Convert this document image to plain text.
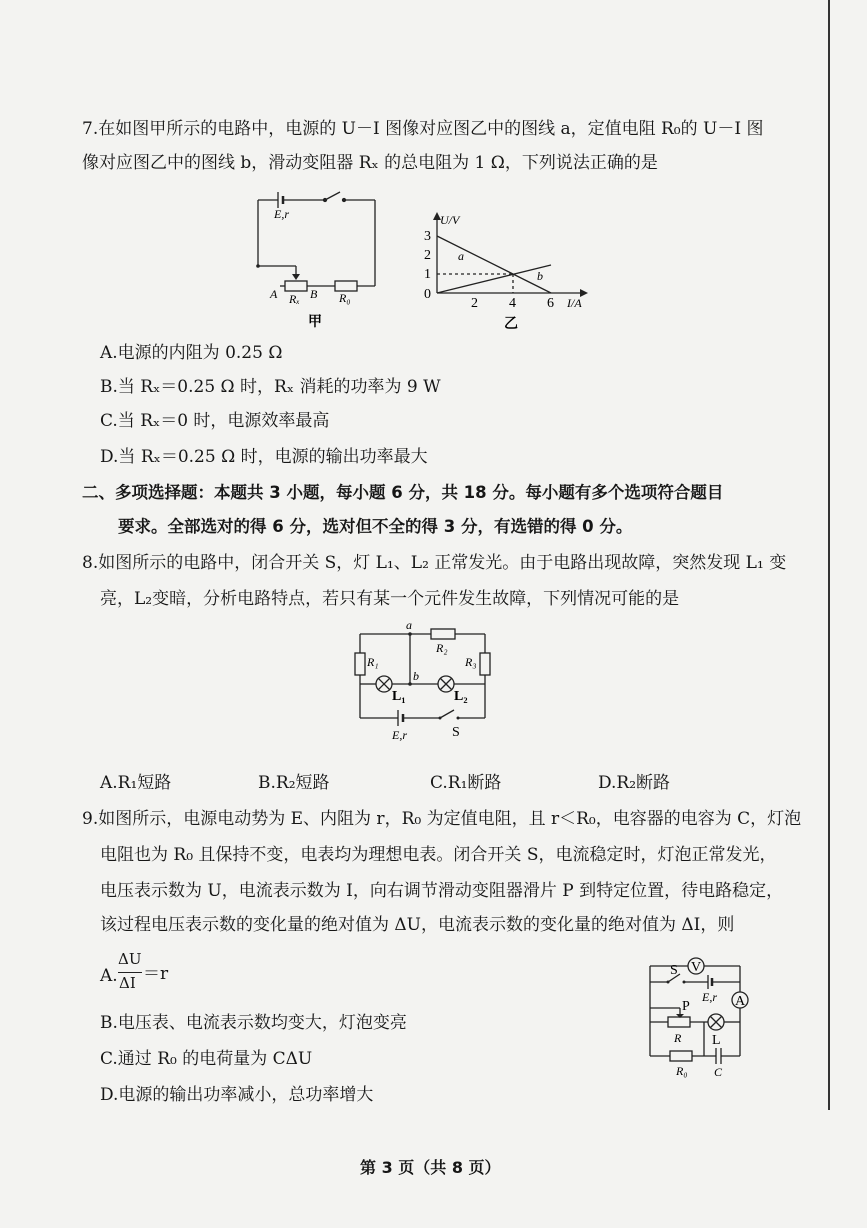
7.在如图甲所示的电路中，电源的 U－I 图像对应图乙中的图线 a，定值电阻 R₀的 U－I 图
像对应图乙中的图线 b，滑动变阻器 Rₓ 的总电阻为 1 Ω，下列说法正确的是
E,r
A	B
Rₓ	R₀
甲
U/V
I/A
3
2
1
0
2 4 6
a
b
乙
A.电源的内阻为 0.25 Ω
B.当 Rₓ＝0.25 Ω 时，Rₓ 消耗的功率为 9 W
C.当 Rₓ＝0 时，电源效率最高
D.当 Rₓ＝0.25 Ω 时，电源的输出功率最大
二、多项选择题：本题共 3 小题，每小题 6 分，共 18 分。每小题有多个选项符合题目
要求。全部选对的得 6 分，选对但不全的得 3 分，有选错的得 0 分。
8.如图所示的电路中，闭合开关 S，灯 L₁、L₂ 正常发光。由于电路出现故障，突然发现 L₁ 变
亮，L₂变暗，分析电路特点，若只有某一个元件发生故障，下列情况可能的是
a
b
R₁
R₂
R₃
L₁	L₂
E,r	S
A.R₁短路	B.R₂短路	C.R₁断路	D.R₂断路
9.如图所示，电源电动势为 E、内阻为 r，R₀ 为定值电阻，且 r＜R₀，电容器的电容为 C，灯泡
电阻也为 R₀ 且保持不变，电表均为理想电表。闭合开关 S，电流稳定时，灯泡正常发光，
电压表示数为 U，电流表示数为 I，向右调节滑动变阻器滑片 P 到特定位置，待电路稳定，
该过程电压表示数的变化量的绝对值为 ΔU，电流表示数的变化量的绝对值为 ΔI，则
A.
ΔU
ΔI ＝r
B.电压表、电流表示数均变大，灯泡变亮
C.通过 R₀ 的电荷量为 CΔU
D.电源的输出功率减小，总功率增大
V
A
S
E,r
P
R L
R₀ C
第 3 页（共 8 页）
